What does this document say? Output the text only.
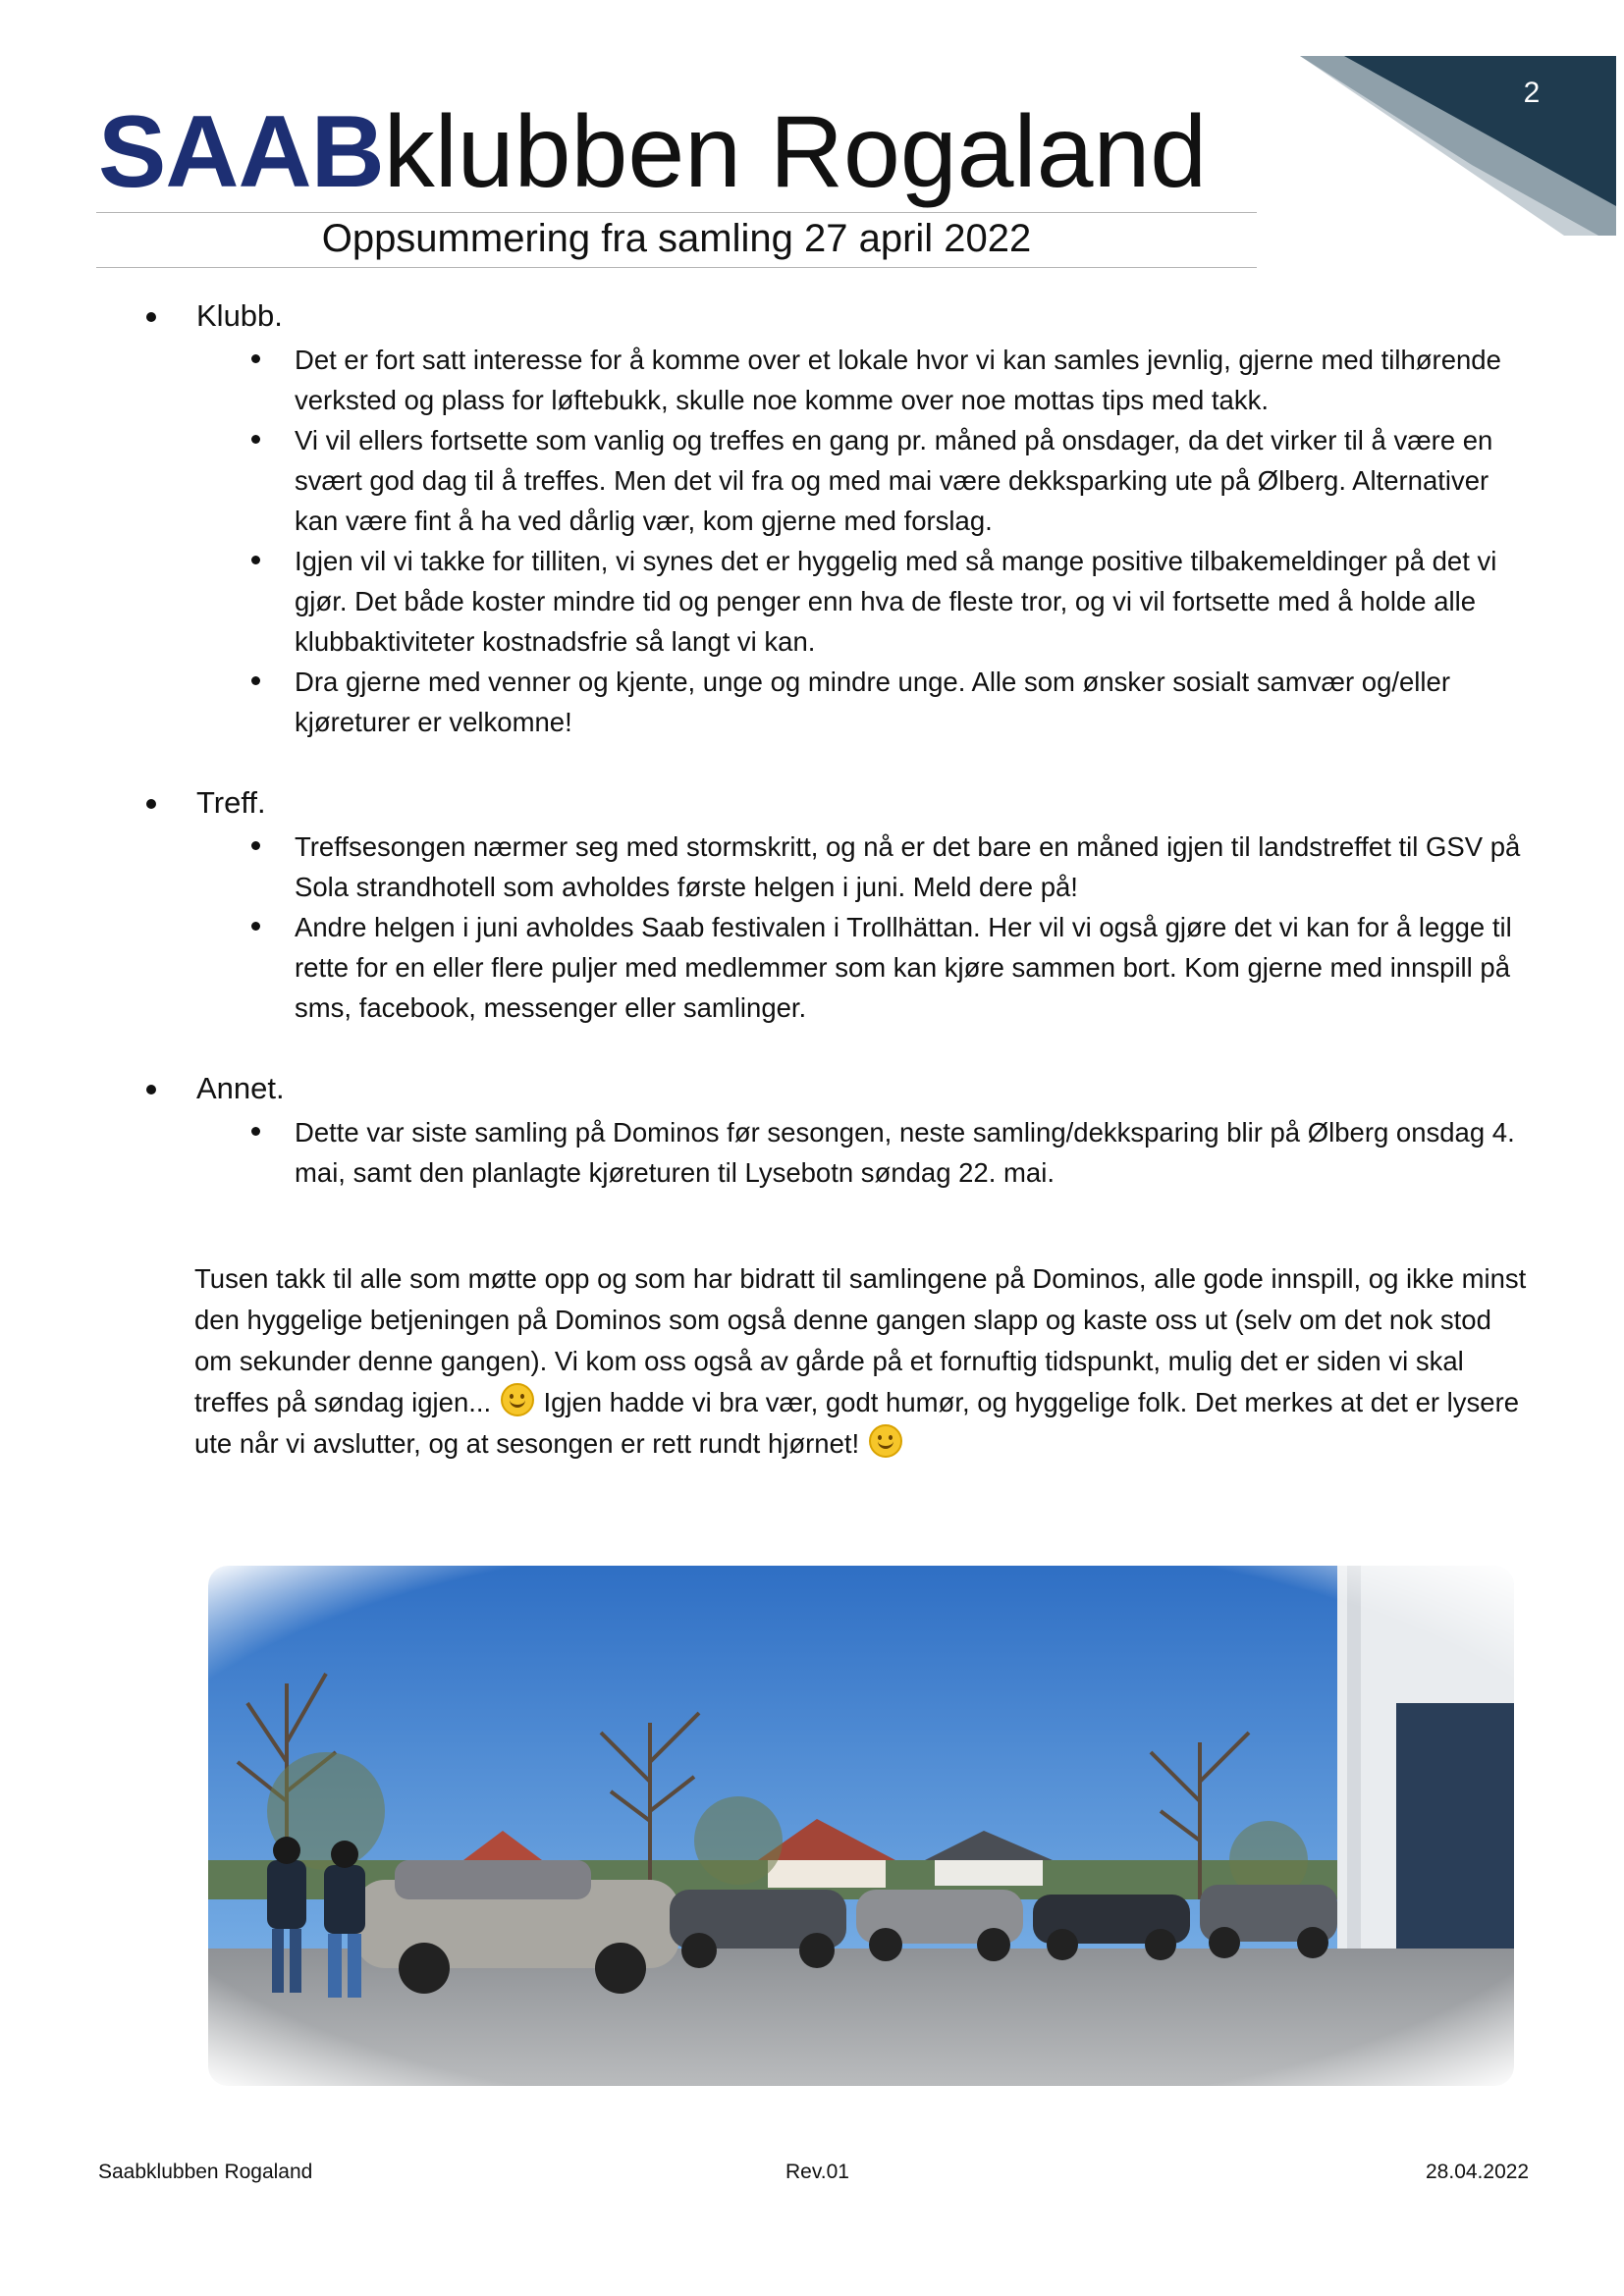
2
SAABklubben Rogaland
Oppsummering fra samling 27 april 2022
Klubb.
Det er fort satt interesse for å komme over et lokale hvor vi kan samles jevnlig, gjerne med tilhørende verksted og plass for løftebukk, skulle noe komme over noe mottas tips med takk.
Vi vil ellers fortsette som vanlig og treffes en gang pr. måned på onsdager, da det virker til å være en svært god dag til å treffes. Men det vil fra og med mai være dekksparking ute på Ølberg. Alternativer kan være fint å ha ved dårlig vær, kom gjerne med forslag.
Igjen vil vi takke for tilliten, vi synes det er hyggelig med så mange positive tilbakemeldinger på det vi gjør. Det både koster mindre tid og penger enn hva de fleste tror, og vi vil fortsette med å holde alle klubbaktiviteter kostnadsfrie så langt vi kan.
Dra gjerne med venner og kjente, unge og mindre unge. Alle som ønsker sosialt samvær og/eller kjøreturer er velkomne!
Treff.
Treffsesongen nærmer seg med stormskritt, og nå er det bare en måned igjen til landstreffet til GSV på Sola strandhotell som avholdes første helgen i juni. Meld dere på!
Andre helgen i juni avholdes Saab festivalen i Trollhättan. Her vil vi også gjøre det vi kan for å legge til rette for en eller flere puljer med medlemmer som kan kjøre sammen bort. Kom gjerne med innspill på sms, facebook, messenger eller samlinger.
Annet.
Dette var siste samling på Dominos før sesongen, neste samling/dekksparing blir på Ølberg onsdag 4. mai, samt den planlagte kjøreturen til Lysebotn søndag 22. mai.
Tusen takk til alle som møtte opp og som har bidratt til samlingene på Dominos, alle gode innspill, og ikke minst den hyggelige betjeningen på Dominos som også denne gangen slapp og kaste oss ut (selv om det nok stod om sekunder denne gangen). Vi kom oss også av gårde på et fornuftig tidspunkt, mulig det er siden vi skal treffes på søndag igjen... Igjen hadde vi bra vær, godt humør, og hyggelige folk. Det merkes at det er lysere ute når vi avslutter, og at sesongen er rett rundt hjørnet!
Saabklubben Rogaland	Rev.01	28.04.2022
